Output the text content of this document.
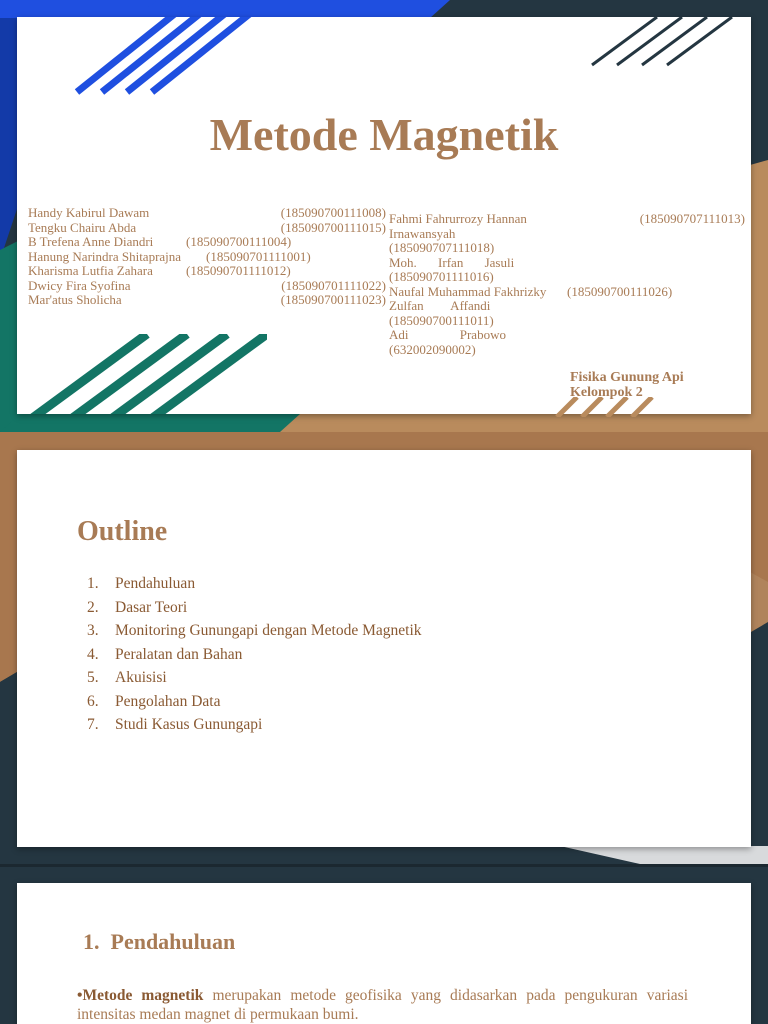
Metode Magnetik
Handy Kabirul Dawam	(185090700111008)
Tengku Chairu Abda	(185090700111015)
B Trefena Anne Diandri	(185090700111004)
Hanung Narindra Shitaprajna (185090701111001)
Kharisma Lutfia Zahara	(185090701111012)
Dwicy Fira Syofina	(185090701111022)
Mar'atus Sholicha	(185090700111023)
Fahmi Fahrurrozy Hannan	(185090707111013)
Irnawansyah
(185090707111018)
Moh. Irfan Jasuli
(185090701111016)
Naufal Muhammad Fakhrizky (185090700111026)
Zulfan Affandi
(185090700111011)
Adi Prabowo
(632002090002)
Fisika Gunung Api
Kelompok 2
Outline
1. Pendahuluan
2. Dasar Teori
3. Monitoring Gunungapi dengan Metode Magnetik
4. Peralatan dan Bahan
5. Akuisisi
6. Pengolahan Data
7. Studi Kasus Gunungapi
1. Pendahuluan

•Metode magnetik merupakan metode geofisika yang didasarkan pada pengukuran variasi intensitas medan magnet di permukaan bumi.
